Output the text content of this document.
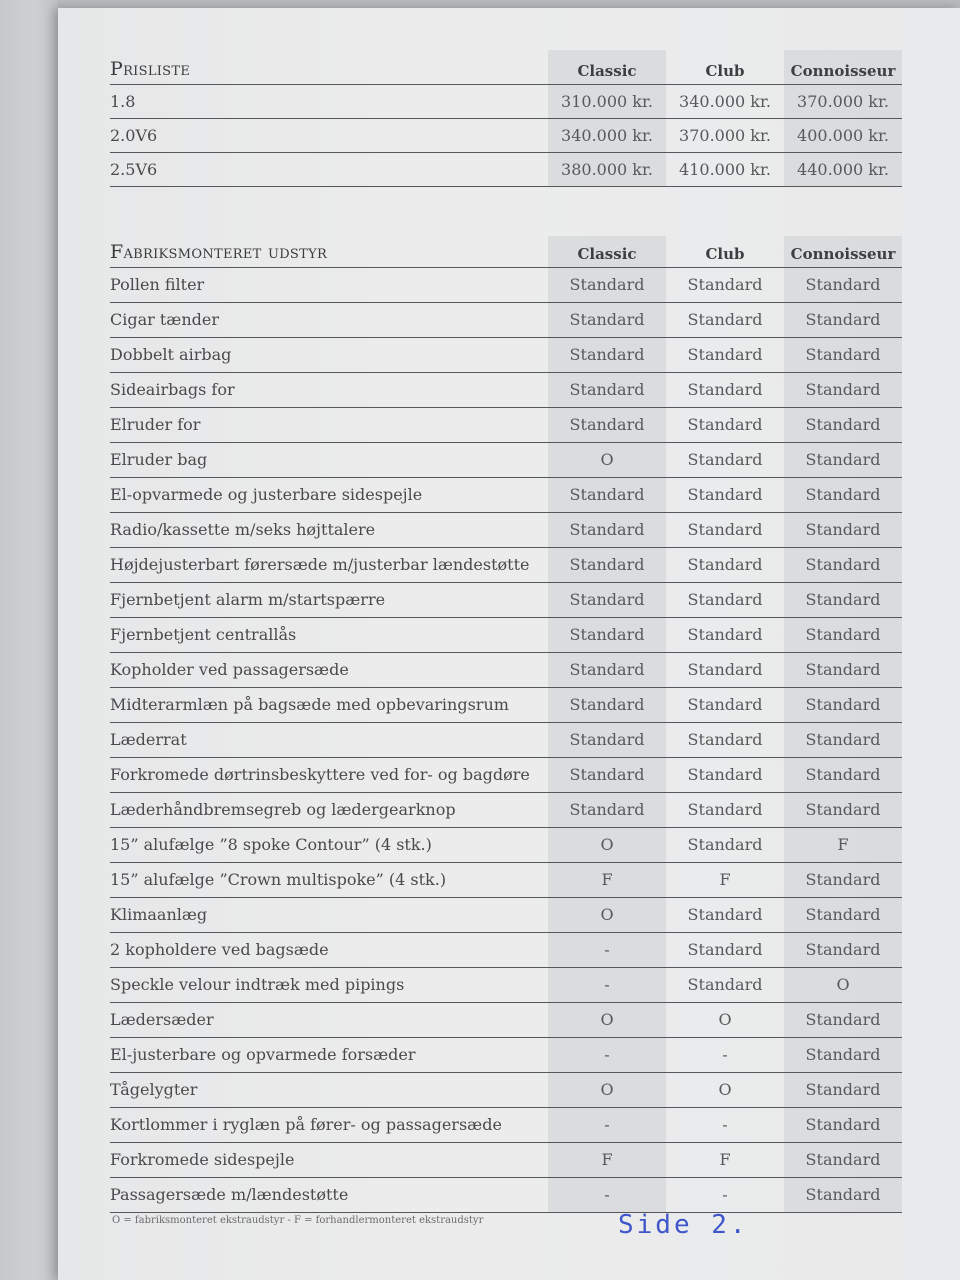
Prisliste	Classic	Club	Connoisseur
1.8	310.000 kr.	340.000 kr.	370.000 kr.
2.0V6	340.000 kr.	370.000 kr.	400.000 kr.
2.5V6	380.000 kr.	410.000 kr.	440.000 kr.
Fabriksmonteret udstyr	Classic	Club	Connoisseur
Pollen filter	Standard	Standard	Standard
Cigar tænder	Standard	Standard	Standard
Dobbelt airbag	Standard	Standard	Standard
Sideairbags for	Standard	Standard	Standard
Elruder for	Standard	Standard	Standard
Elruder bag	O	Standard	Standard
El-opvarmede og justerbare sidespejle	Standard	Standard	Standard
Radio/kassette m/seks højttalere	Standard	Standard	Standard
Højdejusterbart førersæde m/justerbar lændestøtte	Standard	Standard	Standard
Fjernbetjent alarm m/startspærre	Standard	Standard	Standard
Fjernbetjent centrallås	Standard	Standard	Standard
Kopholder ved passagersæde	Standard	Standard	Standard
Midterarmlæn på bagsæde med opbevaringsrum	Standard	Standard	Standard
Læderrat	Standard	Standard	Standard
Forkromede dørtrinsbeskyttere ved for- og bagdøre	Standard	Standard	Standard
Læderhåndbremsegreb og lædergearknop	Standard	Standard	Standard
15” alufælge ”8 spoke Contour” (4 stk.)	O	Standard	F
15” alufælge ”Crown multispoke” (4 stk.)	F	F	Standard
Klimaanlæg	O	Standard	Standard
2 kopholdere ved bagsæde	-	Standard	Standard
Speckle velour indtræk med pipings	-	Standard	O
Lædersæder	O	O	Standard
El-justerbare og opvarmede forsæder	-	-	Standard
Tågelygter	O	O	Standard
Kortlommer i ryglæn på fører- og passagersæde	-	-	Standard
Forkromede sidespejle	F	F	Standard
Passagersæde m/lændestøtte	-	-	Standard
O = fabriksmonteret ekstraudstyr - F = forhandlermonteret ekstraudstyr	Side 2.
